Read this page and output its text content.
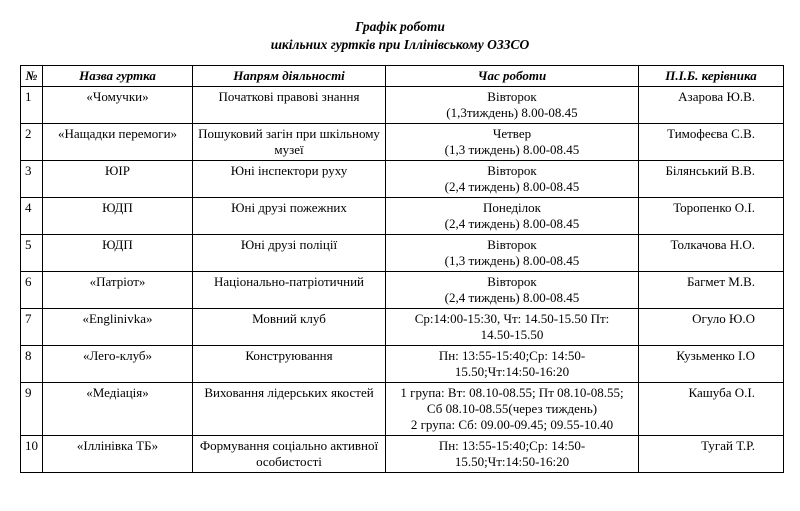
Графік роботи
шкільних гуртків при Іллінівському ОЗЗСО
№	Назва гуртка	Напрям діяльності	Час роботи	П.І.Б. керівника
1	«Чомучки»	Початкові правові знання	Вівторок
(1,3тиждень) 8.00-08.45	Азарова Ю.В.
2	«Нащадки перемоги»	Пошуковий загін при шкільному музеї	Четвер
(1,3 тиждень) 8.00-08.45	Тимофеєва С.В.
3	ЮІР	Юні інспектори руху	Вівторок
(2,4 тиждень) 8.00-08.45	Білянський В.В.
4	ЮДП	Юні друзі пожежних	Понеділок
(2,4 тиждень) 8.00-08.45	Торопенко О.І.
5	ЮДП	Юні друзі поліції	Вівторок
(1,3 тиждень) 8.00-08.45	Толкачова Н.О.
6	«Патріот»	Національно-патріотичний	Вівторок
(2,4 тиждень) 8.00-08.45	Багмет М.В.
7	«Englinivka»	Мовний клуб	Ср:14:00-15:30, Чт: 14.50-15.50 Пт:
14.50-15.50	Огуло Ю.О
8	«Лего-клуб»	Конструювання	Пн: 13:55-15:40;Ср: 14:50-
15.50;Чт:14:50-16:20	Кузьменко І.О
9	«Медіація»	Виховання лідерських якостей	1 група: Вт: 08.10-08.55; Пт 08.10-08.55;
Сб 08.10-08.55(через тиждень)
2 група: Сб: 09.00-09.45; 09.55-10.40	Кашуба О.І.
10	«Іллінівка ТБ»	Формування соціально активної особистості	Пн: 13:55-15:40;Ср: 14:50-
15.50;Чт:14:50-16:20	Тугай Т.Р.
